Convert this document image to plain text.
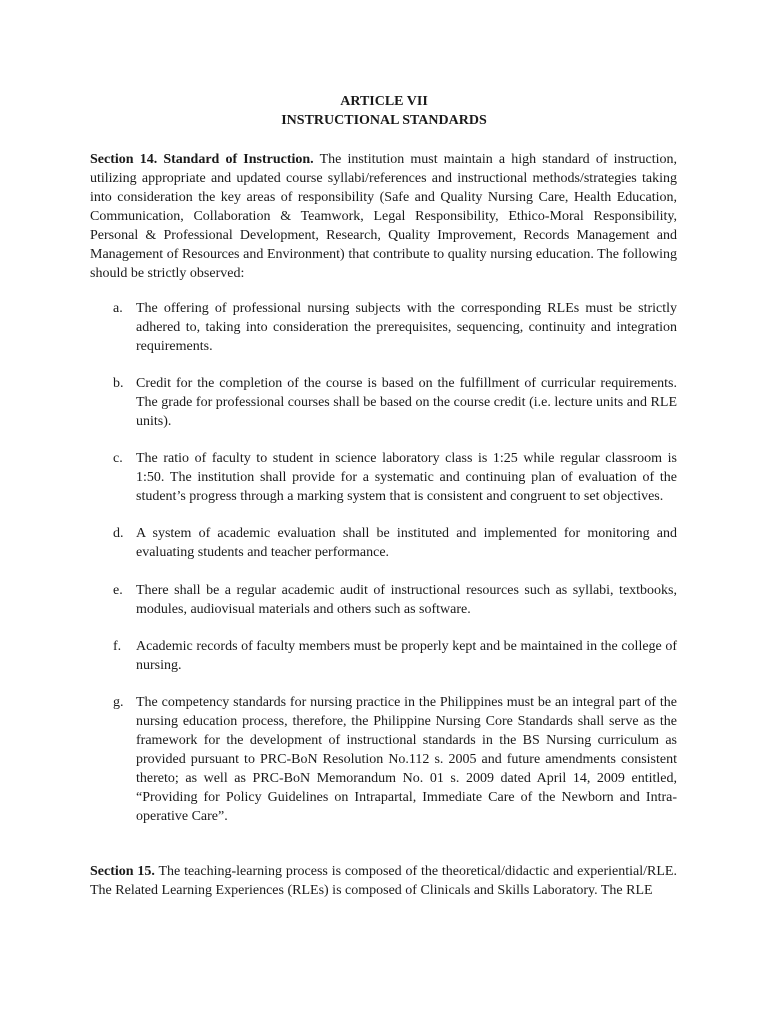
ARTICLE VII
INSTRUCTIONAL STANDARDS
Section 14. Standard of Instruction. The institution must maintain a high standard of instruction, utilizing appropriate and updated course syllabi/references and instructional methods/strategies taking into consideration the key areas of responsibility (Safe and Quality Nursing Care, Health Education, Communication, Collaboration & Teamwork, Legal Responsibility, Ethico-Moral Responsibility, Personal & Professional Development, Research, Quality Improvement, Records Management and Management of Resources and Environment) that contribute to quality nursing education. The following should be strictly observed:
a. The offering of professional nursing subjects with the corresponding RLEs must be strictly adhered to, taking into consideration the prerequisites, sequencing, continuity and integration requirements.
b. Credit for the completion of the course is based on the fulfillment of curricular requirements. The grade for professional courses shall be based on the course credit (i.e. lecture units and RLE units).
c. The ratio of faculty to student in science laboratory class is 1:25 while regular classroom is 1:50. The institution shall provide for a systematic and continuing plan of evaluation of the student’s progress through a marking system that is consistent and congruent to set objectives.
d. A system of academic evaluation shall be instituted and implemented for monitoring and evaluating students and teacher performance.
e. There shall be a regular academic audit of instructional resources such as syllabi, textbooks, modules, audiovisual materials and others such as software.
f. Academic records of faculty members must be properly kept and be maintained in the college of nursing.
g. The competency standards for nursing practice in the Philippines must be an integral part of the nursing education process, therefore, the Philippine Nursing Core Standards shall serve as the framework for the development of instructional standards in the BS Nursing curriculum as provided pursuant to PRC-BoN Resolution No.112 s. 2005 and future amendments consistent thereto; as well as PRC-BoN Memorandum No. 01 s. 2009 dated April 14, 2009 entitled, “Providing for Policy Guidelines on Intrapartal, Immediate Care of the Newborn and Intra-operative Care”.
Section 15. The teaching-learning process is composed of the theoretical/didactic and experiential/RLE. The Related Learning Experiences (RLEs) is composed of Clinicals and Skills Laboratory. The RLE
